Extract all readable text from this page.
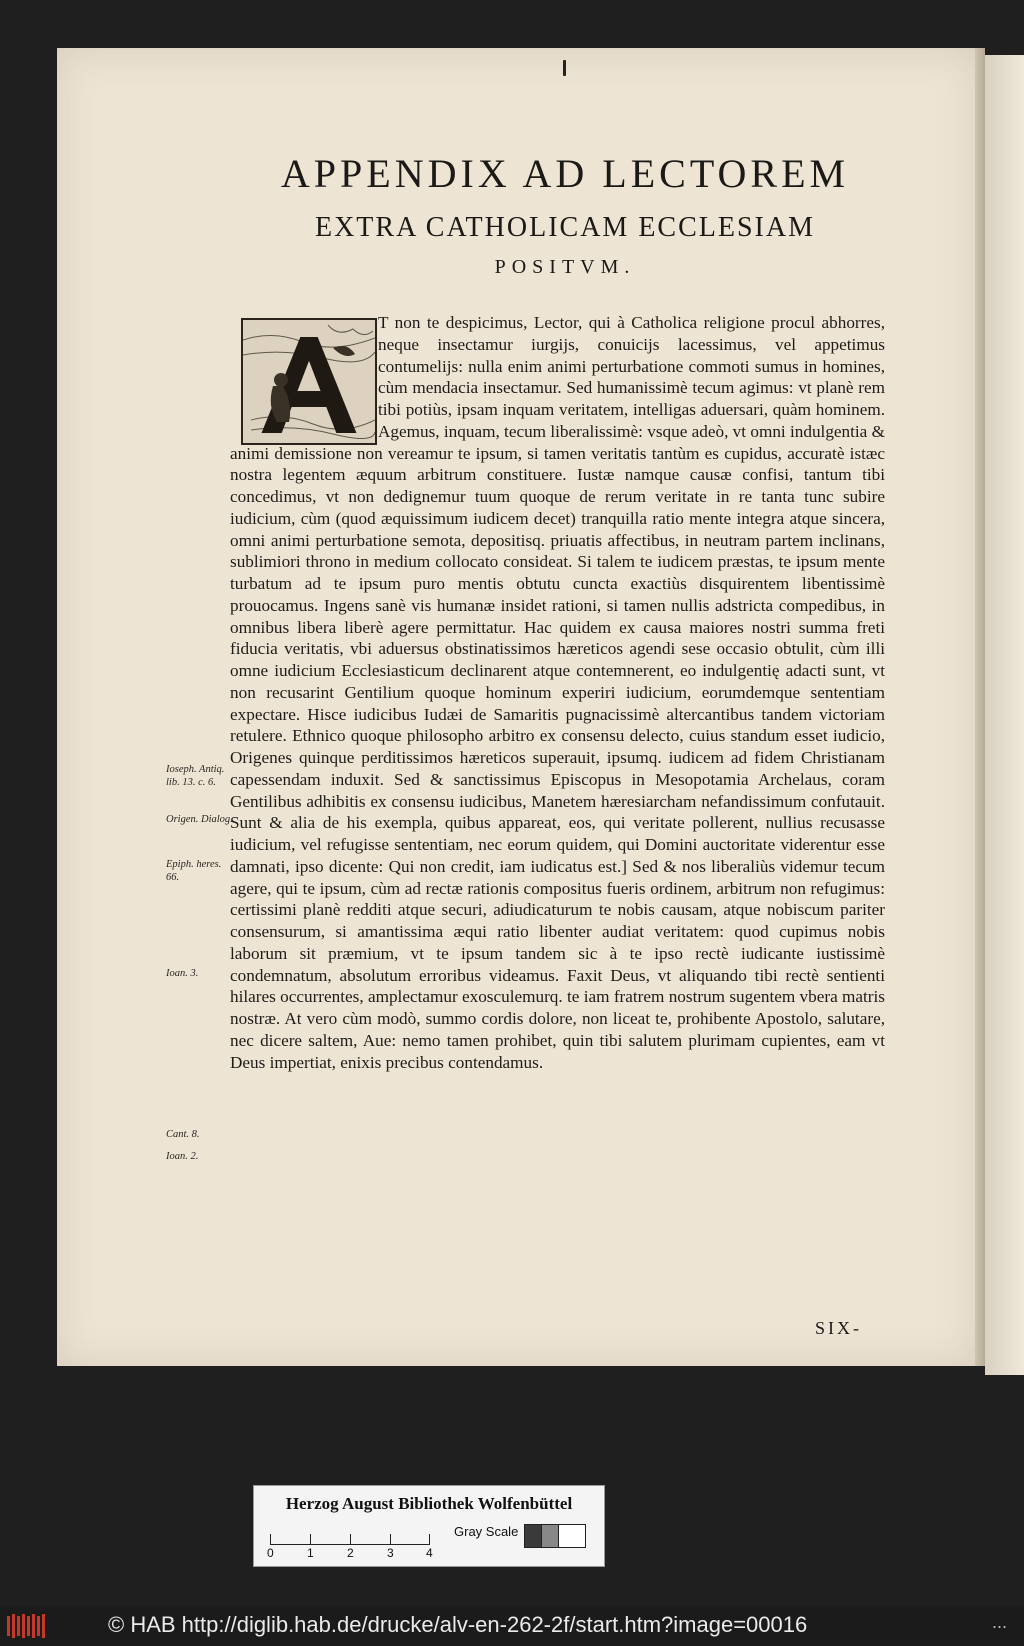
APPENDIX AD LECTOREM
EXTRA CATHOLICAM ECCLESIAM
POSITVM.
T non te despicimus, Lector, qui à Catholica religione procul abhorres, neque insectamur iurgijs, conuicijs lacessimus, vel appetimus contumelijs: nulla enim animi perturbatione commoti sumus in homines, cùm mendacia insectamur. Sed humanissimè tecum agimus: vt planè rem tibi potiùs, ipsam inquam veritatem, intelligas aduersari, quàm hominem. Agemus, inquam, tecum liberalissimè: vsque adeò, vt omni indulgentia & animi demissione non vereamur te ipsum, si tamen veritatis tantùm es cupidus, accuratè istæc nostra legentem æquum arbitrum constituere. Iustæ namque causæ confisi, tantum tibi concedimus, vt non dedignemur tuum quoque de rerum veritate in re tanta tunc subire iudicium, cùm (quod æquissimum iudicem decet) tranquilla ratio mente integra atque sincera, omni animi perturbatione semota, depositisq. priuatis affectibus, in neutram partem inclinans, sublimiori throno in medium collocato consideat. Si talem te iudicem præstas, te ipsum mente turbatum ad te ipsum puro mentis obtutu cuncta exactiùs disquirentem libentissimè prouocamus. Ingens sanè vis humanæ insidet rationi, si tamen nullis adstricta compedibus, in omnibus libera liberè agere permittatur. Hac quidem ex causa maiores nostri summa freti fiducia veritatis, vbi aduersus obstinatissimos hæreticos agendi sese occasio obtulit, cùm illi omne iudicium Ecclesiasticum declinarent atque contemnerent, eo indulgentię adacti sunt, vt non recusarint Gentilium quoque hominum experiri iudicium, eorumdemque sententiam expectare. Hisce iudicibus Iudæi de Samaritis pugnacissimè altercantibus tandem victoriam retulere. Ethnico quoque philosopho arbitro ex consensu delecto, cuius standum esset iudicio, Origenes quinque perditissimos hæreticos superauit, ipsumq. iudicem ad fidem Christianam capessendam induxit. Sed & sanctissimus Episcopus in Mesopotamia Archelaus, coram Gentilibus adhibitis ex consensu iudicibus, Manetem hæresiarcham nefandissimum confutauit. Sunt & alia de his exempla, quibus appareat, eos, qui veritate pollerent, nullius recusasse iudicium, vel refugisse sententiam, nec eorum quidem, qui Domini auctoritate viderentur esse damnati, ipso dicente: Qui non credit, iam iudicatus est.] Sed & nos liberaliùs videmur tecum agere, qui te ipsum, cùm ad rectæ rationis compositus fueris ordinem, arbitrum non refugimus: certissimi planè redditi atque securi, adiudicaturum te nobis causam, atque nobiscum pariter consensurum, si amantissima æqui ratio libenter audiat veritatem: quod cupimus nobis laborum sit præmium, vt te ipsum tandem sic à te ipso rectè iudicante iustissimè condemnatum, absolutum erroribus videamus. Faxit Deus, vt aliquando tibi rectè sentienti hilares occurrentes, amplectamur exosculemurq. te iam fratrem nostrum sugentem vbera matris nostræ. At vero cùm modò, summo cordis dolore, non liceat te, prohibente Apostolo, salutare, nec dicere saltem, Aue: nemo tamen prohibet, quin tibi salutem plurimam cupientes, eam vt Deus impertiat, enixis precibus contendamus.
Ioseph. Antiq. lib. 13. c. 6.
Origen. Dialog.
Epiph. heres. 66.
Ioan. 3.
Cant. 8.
Ioan. 2.
SIX-
Herzog August Bibliothek Wolfenbüttel
0	1	2	3	4
Gray Scale
© HAB http://diglib.hab.de/drucke/alv-en-262-2f/start.htm?image=00016	...
